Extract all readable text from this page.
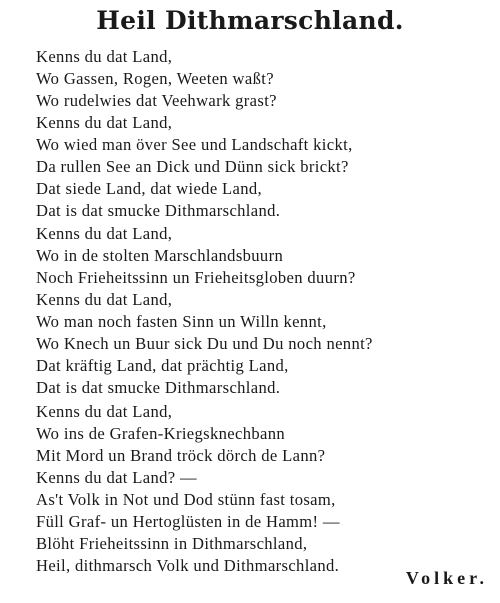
Heil Dithmarschland.
Kenns du dat Land,
Wo Gassen, Rogen, Weeten waßt?
Wo rudelwies dat Veehwark grast?
Kenns du dat Land,
Wo wied man över See und Landschaft kickt,
Da rullen See an Dick und Dünn sick brickt?
Dat siede Land, dat wiede Land,
Dat is dat smucke Dithmarschland.
Kenns du dat Land,
Wo in de stolten Marschlandsbuurn
Noch Frieheitssinn un Frieheitsgloben duurn?
Kenns du dat Land,
Wo man noch fasten Sinn un Willn kennt,
Wo Knech un Buur sick Du und Du noch nennt?
Dat kräftig Land, dat prächtig Land,
Dat is dat smucke Dithmarschland.
Kenns du dat Land,
Wo ins de Grafen-Kriegsknechbann
Mit Mord un Brand tröck dörch de Lann?
Kenns du dat Land? —
As't Volk in Not und Dod stünn fast tosam,
Füll Graf- un Hertoglüsten in de Hamm! —
Blöht Frieheitssinn in Dithmarschland,
Heil, dithmarsch Volk und Dithmarschland.

Volker.
